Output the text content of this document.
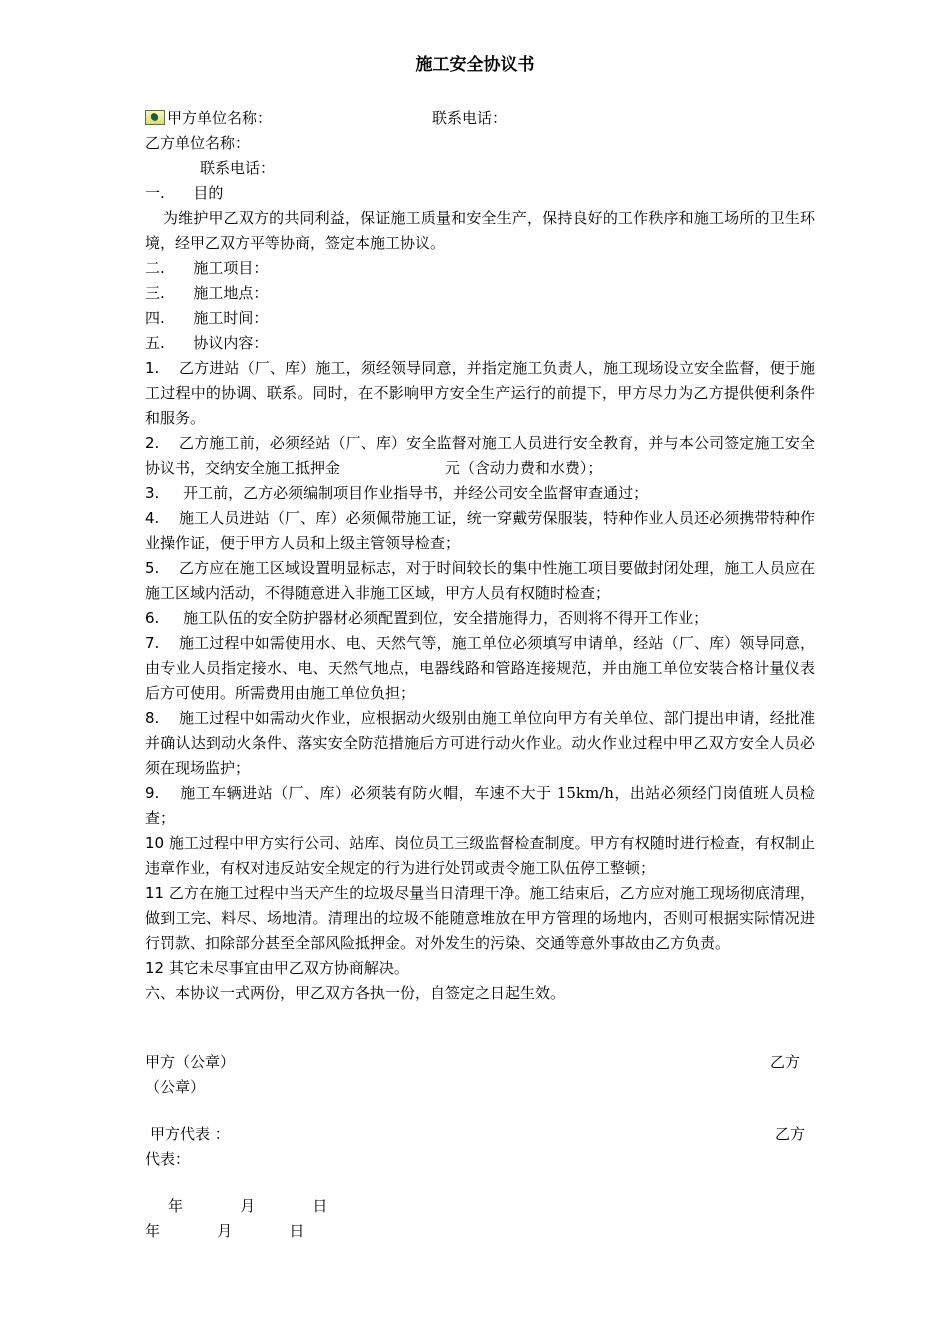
施工安全协议书
甲方单位名称：	联系电话：
乙方单位名称：
联系电话：
一.      目的
为维护甲乙双方的共同利益，保证施工质量和安全生产，保持良好的工作秩序和施工场所的卫生环境，经甲乙双方平等协商，签定本施工协议。
二.      施工项目：
三.      施工地点：
四.      施工时间：
五.      协议内容：
1.    乙方进站（厂、库）施工，须经领导同意，并指定施工负责人，施工现场设立安全监督，便于施工过程中的协调、联系。同时，在不影响甲方安全生产运行的前提下，甲方尽力为乙方提供便利条件和服务。
2.    乙方施工前，必须经站（厂、库）安全监督对施工人员进行安全教育，并与本公司签定施工安全协议书，交纳安全施工抵押金                      元（含动力费和水费）；
3.     开工前，乙方必须编制项目作业指导书，并经公司安全监督审查通过；
4.    施工人员进站（厂、库）必须佩带施工证，统一穿戴劳保服装，特种作业人员还必须携带特种作业操作证，便于甲方人员和上级主管领导检查；
5.    乙方应在施工区域设置明显标志，对于时间较长的集中性施工项目要做封闭处理，施工人员应在施工区域内活动，不得随意进入非施工区域，甲方人员有权随时检查；
6.     施工队伍的安全防护器材必须配置到位，安全措施得力，否则将不得开工作业；
7.    施工过程中如需使用水、电、天然气等，施工单位必须填写申请单，经站（厂、库）领导同意，由专业人员指定接水、电、天然气地点，电器线路和管路连接规范，并由施工单位安装合格计量仪表后方可使用。所需费用由施工单位负担；
8.    施工过程中如需动火作业，应根据动火级别由施工单位向甲方有关单位、部门提出申请，经批准并确认达到动火条件、落实安全防范措施后方可进行动火作业。动火作业过程中甲乙双方安全人员必须在现场监护；
9.    施工车辆进站（厂、库）必须装有防火帽，车速不大于 15km/h，出站必须经门岗值班人员检查；
10 施工过程中甲方实行公司、站库、岗位员工三级监督检查制度。甲方有权随时进行检查，有权制止违章作业，有权对违反站安全规定的行为进行处罚或责令施工队伍停工整顿；
11 乙方在施工过程中当天产生的垃圾尽量当日清理干净。施工结束后，乙方应对施工现场彻底清理，做到工完、料尽、场地清。清理出的垃圾不能随意堆放在甲方管理的场地内，否则可根据实际情况进行罚款、扣除部分甚至全部风险抵押金。对外发生的污染、交通等意外事故由乙方负责。
12 其它未尽事宜由甲乙双方协商解决。
六、本协议一式两份，甲乙双方各执一份，自签定之日起生效。
甲方（公章）	乙方
（公章）
甲方代表 ：	乙方
代表：
年            月            日
年            月            日
